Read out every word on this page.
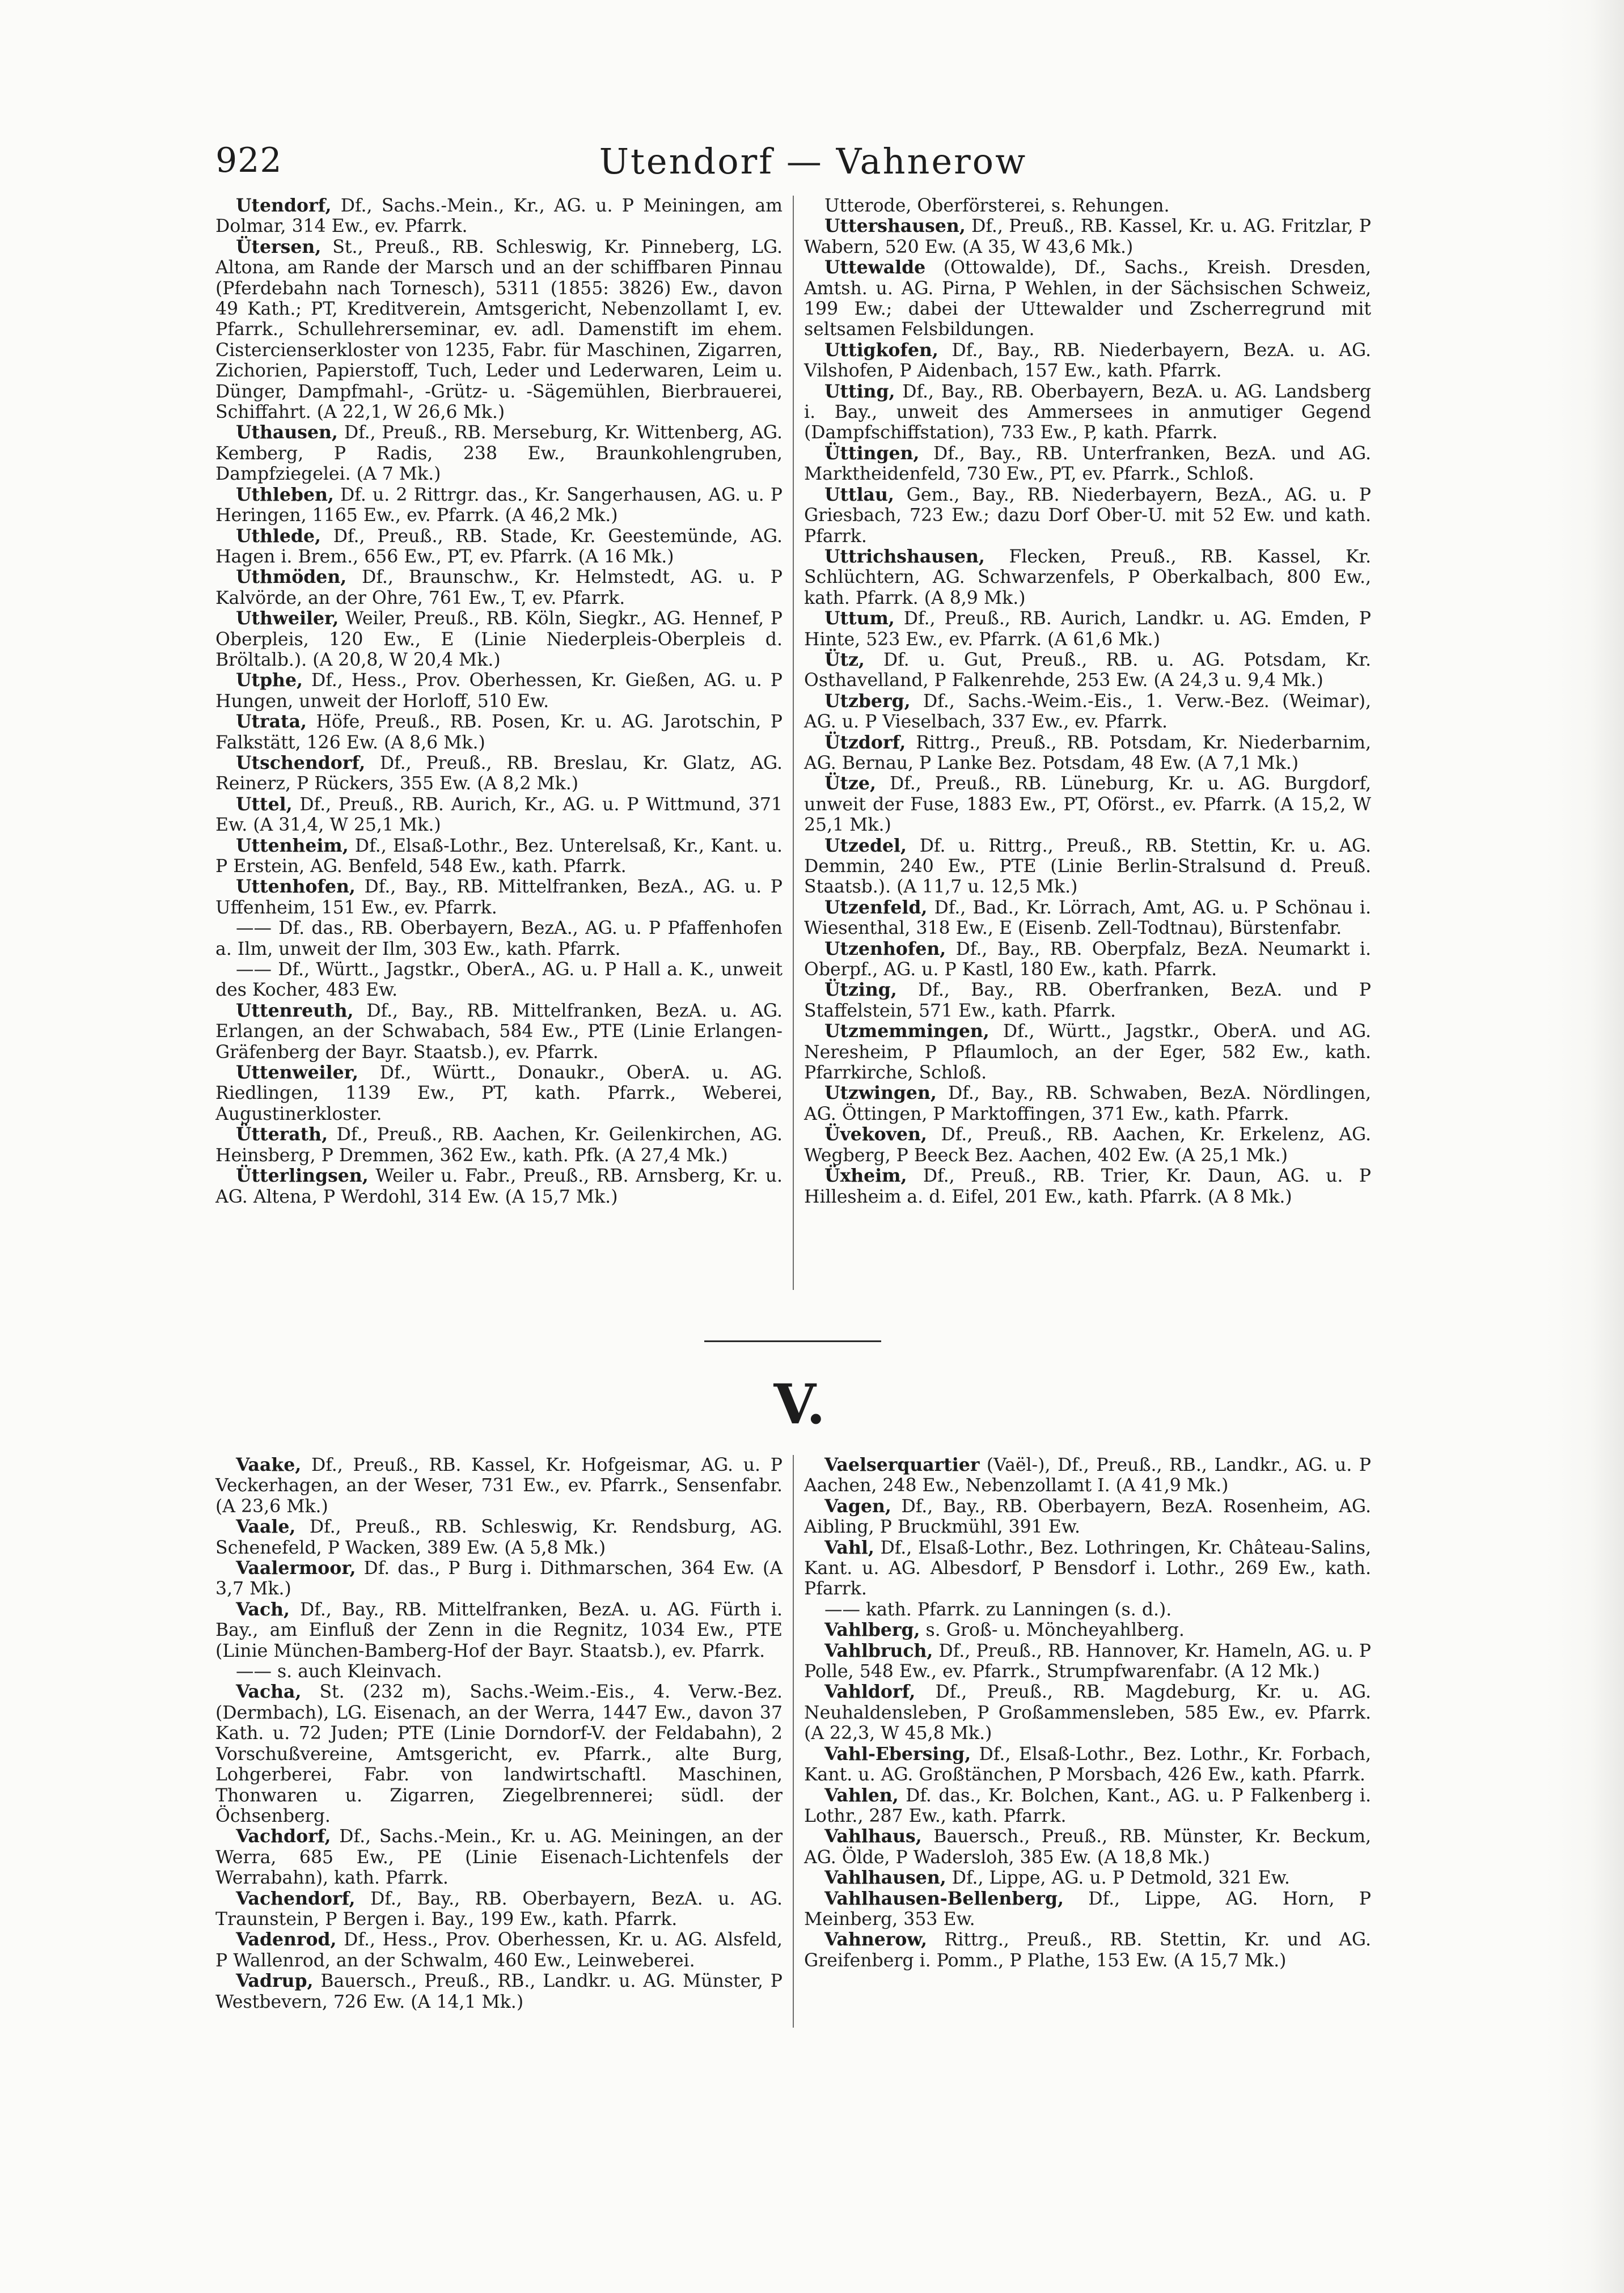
922	Utendorf — Vahnerow

Utendorf, Df., Sachs.-Mein., Kr., AG. u. P Meiningen, am Dolmar, 314 Ew., ev. Pfarrk.

Ütersen, St., Preuß., RB. Schleswig, Kr. Pinneberg, LG. Altona, am Rande der Marsch und an der schiffbaren Pinnau (Pferdebahn nach Tornesch), 5311 (1855: 3826) Ew., davon 49 Kath.; PT, Kreditverein, Amtsgericht, Nebenzollamt I, ev. Pfarrk., Schullehrerseminar, ev. adl. Damenstift im ehem. Cistercienserkloster von 1235, Fabr. für Maschinen, Zigarren, Zichorien, Papierstoff, Tuch, Leder und Lederwaren, Leim u. Dünger, Dampfmahl-, -Grütz- u. -Sägemühlen, Bierbrauerei, Schiffahrt. (A 22,1, W 26,6 Mk.)

Uthausen, Df., Preuß., RB. Merseburg, Kr. Wittenberg, AG. Kemberg, P Radis, 238 Ew., Braunkohlengruben, Dampfziegelei. (A 7 Mk.)

Uthleben, Df. u. 2 Rittrgr. das., Kr. Sangerhausen, AG. u. P Heringen, 1165 Ew., ev. Pfarrk. (A 46,2 Mk.)

Uthlede, Df., Preuß., RB. Stade, Kr. Geestemünde, AG. Hagen i. Brem., 656 Ew., PT, ev. Pfarrk. (A 16 Mk.)

Uthmöden, Df., Braunschw., Kr. Helmstedt, AG. u. P Kalvörde, an der Ohre, 761 Ew., T, ev. Pfarrk.

Uthweiler, Weiler, Preuß., RB. Köln, Siegkr., AG. Hennef, P Oberpleis, 120 Ew., E (Linie Niederpleis-Oberpleis d. Bröltalb.). (A 20,8, W 20,4 Mk.)

Utphe, Df., Hess., Prov. Oberhessen, Kr. Gießen, AG. u. P Hungen, unweit der Horloff, 510 Ew.

Utrata, Höfe, Preuß., RB. Posen, Kr. u. AG. Jarotschin, P Falkstätt, 126 Ew. (A 8,6 Mk.)

Utschendorf, Df., Preuß., RB. Breslau, Kr. Glatz, AG. Reinerz, P Rückers, 355 Ew. (A 8,2 Mk.)

Uttel, Df., Preuß., RB. Aurich, Kr., AG. u. P Wittmund, 371 Ew. (A 31,4, W 25,1 Mk.)

Uttenheim, Df., Elsaß-Lothr., Bez. Unterelsaß, Kr., Kant. u. P Erstein, AG. Benfeld, 548 Ew., kath. Pfarrk.

Uttenhofen, Df., Bay., RB. Mittelfranken, BezA., AG. u. P Uffenheim, 151 Ew., ev. Pfarrk.

—— Df. das., RB. Oberbayern, BezA., AG. u. P Pfaffenhofen a. Ilm, unweit der Ilm, 303 Ew., kath. Pfarrk.

—— Df., Württ., Jagstkr., OberA., AG. u. P Hall a. K., unweit des Kocher, 483 Ew.

Uttenreuth, Df., Bay., RB. Mittelfranken, BezA. u. AG. Erlangen, an der Schwabach, 584 Ew., PTE (Linie Erlangen-Gräfenberg der Bayr. Staatsb.), ev. Pfarrk.

Uttenweiler, Df., Württ., Donaukr., OberA. u. AG. Riedlingen, 1139 Ew., PT, kath. Pfarrk., Weberei, Augustinerkloster.

Ütterath, Df., Preuß., RB. Aachen, Kr. Geilenkirchen, AG. Heinsberg, P Dremmen, 362 Ew., kath. Pfk. (A 27,4 Mk.)

Ütterlingsen, Weiler u. Fabr., Preuß., RB. Arnsberg, Kr. u. AG. Altena, P Werdohl, 314 Ew. (A 15,7 Mk.)

Utterode, Oberförsterei, s. Rehungen.

Uttershausen, Df., Preuß., RB. Kassel, Kr. u. AG. Fritzlar, P Wabern, 520 Ew. (A 35, W 43,6 Mk.)

Uttewalde (Ottowalde), Df., Sachs., Kreish. Dresden, Amtsh. u. AG. Pirna, P Wehlen, in der Sächsischen Schweiz, 199 Ew.; dabei der Uttewalder und Zscherregrund mit seltsamen Felsbildungen.

Uttigkofen, Df., Bay., RB. Niederbayern, BezA. u. AG. Vilshofen, P Aidenbach, 157 Ew., kath. Pfarrk.

Utting, Df., Bay., RB. Oberbayern, BezA. u. AG. Landsberg i. Bay., unweit des Ammersees in anmutiger Gegend (Dampfschiffstation), 733 Ew., P, kath. Pfarrk.

Üttingen, Df., Bay., RB. Unterfranken, BezA. und AG. Marktheidenfeld, 730 Ew., PT, ev. Pfarrk., Schloß.

Uttlau, Gem., Bay., RB. Niederbayern, BezA., AG. u. P Griesbach, 723 Ew.; dazu Dorf Ober-U. mit 52 Ew. und kath. Pfarrk.

Uttrichshausen, Flecken, Preuß., RB. Kassel, Kr. Schlüchtern, AG. Schwarzenfels, P Oberkalbach, 800 Ew., kath. Pfarrk. (A 8,9 Mk.)

Uttum, Df., Preuß., RB. Aurich, Landkr. u. AG. Emden, P Hinte, 523 Ew., ev. Pfarrk. (A 61,6 Mk.)

Ütz, Df. u. Gut, Preuß., RB. u. AG. Potsdam, Kr. Osthavelland, P Falkenrehde, 253 Ew. (A 24,3 u. 9,4 Mk.)

Utzberg, Df., Sachs.-Weim.-Eis., 1. Verw.-Bez. (Weimar), AG. u. P Vieselbach, 337 Ew., ev. Pfarrk.

Ützdorf, Rittrg., Preuß., RB. Potsdam, Kr. Niederbarnim, AG. Bernau, P Lanke Bez. Potsdam, 48 Ew. (A 7,1 Mk.)

Ütze, Df., Preuß., RB. Lüneburg, Kr. u. AG. Burgdorf, unweit der Fuse, 1883 Ew., PT, Oförst., ev. Pfarrk. (A 15,2, W 25,1 Mk.)

Utzedel, Df. u. Rittrg., Preuß., RB. Stettin, Kr. u. AG. Demmin, 240 Ew., PTE (Linie Berlin-Stralsund d. Preuß. Staatsb.). (A 11,7 u. 12,5 Mk.)

Utzenfeld, Df., Bad., Kr. Lörrach, Amt, AG. u. P Schönau i. Wiesenthal, 318 Ew., E (Eisenb. Zell-Todtnau), Bürstenfabr.

Utzenhofen, Df., Bay., RB. Oberpfalz, BezA. Neumarkt i. Oberpf., AG. u. P Kastl, 180 Ew., kath. Pfarrk.

Ützing, Df., Bay., RB. Oberfranken, BezA. und P Staffelstein, 571 Ew., kath. Pfarrk.

Utzmemmingen, Df., Württ., Jagstkr., OberA. und AG. Neresheim, P Pflaumloch, an der Eger, 582 Ew., kath. Pfarrkirche, Schloß.

Utzwingen, Df., Bay., RB. Schwaben, BezA. Nördlingen, AG. Öttingen, P Marktoffingen, 371 Ew., kath. Pfarrk.

Üvekoven, Df., Preuß., RB. Aachen, Kr. Erkelenz, AG. Wegberg, P Beeck Bez. Aachen, 402 Ew. (A 25,1 Mk.)

Üxheim, Df., Preuß., RB. Trier, Kr. Daun, AG. u. P Hillesheim a. d. Eifel, 201 Ew., kath. Pfarrk. (A 8 Mk.)

V.

Vaake, Df., Preuß., RB. Kassel, Kr. Hofgeismar, AG. u. P Veckerhagen, an der Weser, 731 Ew., ev. Pfarrk., Sensenfabr. (A 23,6 Mk.)

Vaale, Df., Preuß., RB. Schleswig, Kr. Rendsburg, AG. Schenefeld, P Wacken, 389 Ew. (A 5,8 Mk.)

Vaalermoor, Df. das., P Burg i. Dithmarschen, 364 Ew. (A 3,7 Mk.)

Vach, Df., Bay., RB. Mittelfranken, BezA. u. AG. Fürth i. Bay., am Einfluß der Zenn in die Regnitz, 1034 Ew., PTE (Linie München-Bamberg-Hof der Bayr. Staatsb.), ev. Pfarrk.

—— s. auch Kleinvach.

Vacha, St. (232 m), Sachs.-Weim.-Eis., 4. Verw.-Bez. (Dermbach), LG. Eisenach, an der Werra, 1447 Ew., davon 37 Kath. u. 72 Juden; PTE (Linie Dorndorf-V. der Feldabahn), 2 Vorschußvereine, Amtsgericht, ev. Pfarrk., alte Burg, Lohgerberei, Fabr. von landwirtschaftl. Maschinen, Thonwaren u. Zigarren, Ziegelbrennerei; südl. der Öchsenberg.

Vachdorf, Df., Sachs.-Mein., Kr. u. AG. Meiningen, an der Werra, 685 Ew., PE (Linie Eisenach-Lichtenfels der Werrabahn), kath. Pfarrk.

Vachendorf, Df., Bay., RB. Oberbayern, BezA. u. AG. Traunstein, P Bergen i. Bay., 199 Ew., kath. Pfarrk.

Vadenrod, Df., Hess., Prov. Oberhessen, Kr. u. AG. Alsfeld, P Wallenrod, an der Schwalm, 460 Ew., Leinweberei.

Vadrup, Bauersch., Preuß., RB., Landkr. u. AG. Münster, P Westbevern, 726 Ew. (A 14,1 Mk.)

Vaelserquartier (Vaël-), Df., Preuß., RB., Landkr., AG. u. P Aachen, 248 Ew., Nebenzollamt I. (A 41,9 Mk.)

Vagen, Df., Bay., RB. Oberbayern, BezA. Rosenheim, AG. Aibling, P Bruckmühl, 391 Ew.

Vahl, Df., Elsaß-Lothr., Bez. Lothringen, Kr. Château-Salins, Kant. u. AG. Albesdorf, P Bensdorf i. Lothr., 269 Ew., kath. Pfarrk.

—— kath. Pfarrk. zu Lanningen (s. d.).

Vahlberg, s. Groß- u. Möncheyahlberg.

Vahlbruch, Df., Preuß., RB. Hannover, Kr. Hameln, AG. u. P Polle, 548 Ew., ev. Pfarrk., Strumpfwarenfabr. (A 12 Mk.)

Vahldorf, Df., Preuß., RB. Magdeburg, Kr. u. AG. Neuhaldensleben, P Großammensleben, 585 Ew., ev. Pfarrk. (A 22,3, W 45,8 Mk.)

Vahl-Ebersing, Df., Elsaß-Lothr., Bez. Lothr., Kr. Forbach, Kant. u. AG. Großtänchen, P Morsbach, 426 Ew., kath. Pfarrk.

Vahlen, Df. das., Kr. Bolchen, Kant., AG. u. P Falkenberg i. Lothr., 287 Ew., kath. Pfarrk.

Vahlhaus, Bauersch., Preuß., RB. Münster, Kr. Beckum, AG. Ölde, P Wadersloh, 385 Ew. (A 18,8 Mk.)

Vahlhausen, Df., Lippe, AG. u. P Detmold, 321 Ew.

Vahlhausen-Bellenberg, Df., Lippe, AG. Horn, P Meinberg, 353 Ew.

Vahnerow, Rittrg., Preuß., RB. Stettin, Kr. und AG. Greifenberg i. Pomm., P Plathe, 153 Ew. (A 15,7 Mk.)
